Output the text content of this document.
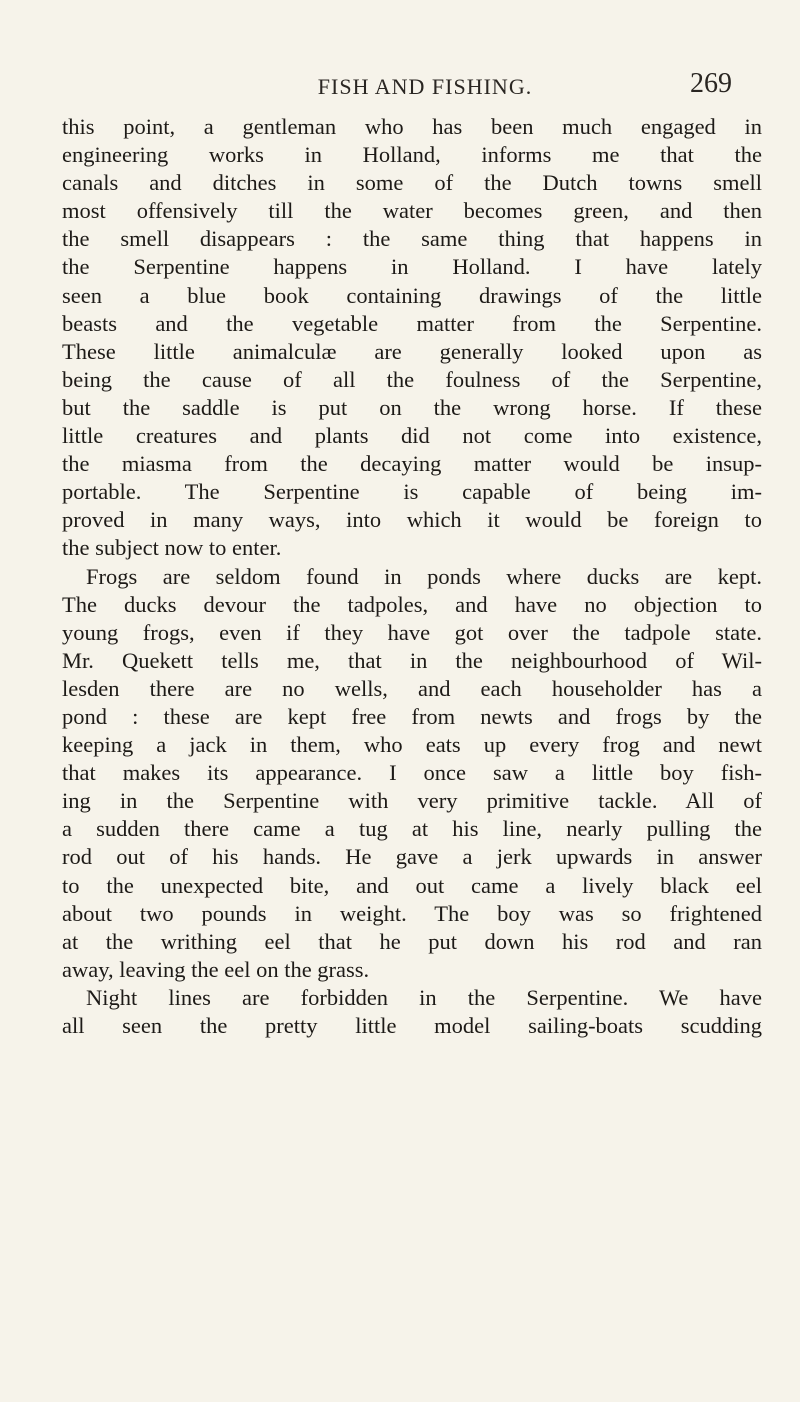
FISH AND FISHING.	269
this point, a gentleman who has been much engaged in
engineering works in Holland, informs me that the
canals and ditches in some of the Dutch towns smell
most offensively till the water becomes green, and then
the smell disappears : the same thing that happens in
the Serpentine happens in Holland. I have lately
seen a blue book containing drawings of the little
beasts and the vegetable matter from the Serpentine.
These little animalculæ are generally looked upon as
being the cause of all the foulness of the Serpentine,
but the saddle is put on the wrong horse. If these
little creatures and plants did not come into existence,
the miasma from the decaying matter would be insup-
portable. The Serpentine is capable of being im-
proved in many ways, into which it would be foreign to
the subject now to enter.
Frogs are seldom found in ponds where ducks are kept.
The ducks devour the tadpoles, and have no objection to
young frogs, even if they have got over the tadpole state.
Mr. Quekett tells me, that in the neighbourhood of Wil-
lesden there are no wells, and each householder has a
pond : these are kept free from newts and frogs by the
keeping a jack in them, who eats up every frog and newt
that makes its appearance. I once saw a little boy fish-
ing in the Serpentine with very primitive tackle. All of
a sudden there came a tug at his line, nearly pulling the
rod out of his hands. He gave a jerk upwards in answer
to the unexpected bite, and out came a lively black eel
about two pounds in weight. The boy was so frightened
at the writhing eel that he put down his rod and ran
away, leaving the eel on the grass.
Night lines are forbidden in the Serpentine. We have
all seen the pretty little model sailing-boats scudding
